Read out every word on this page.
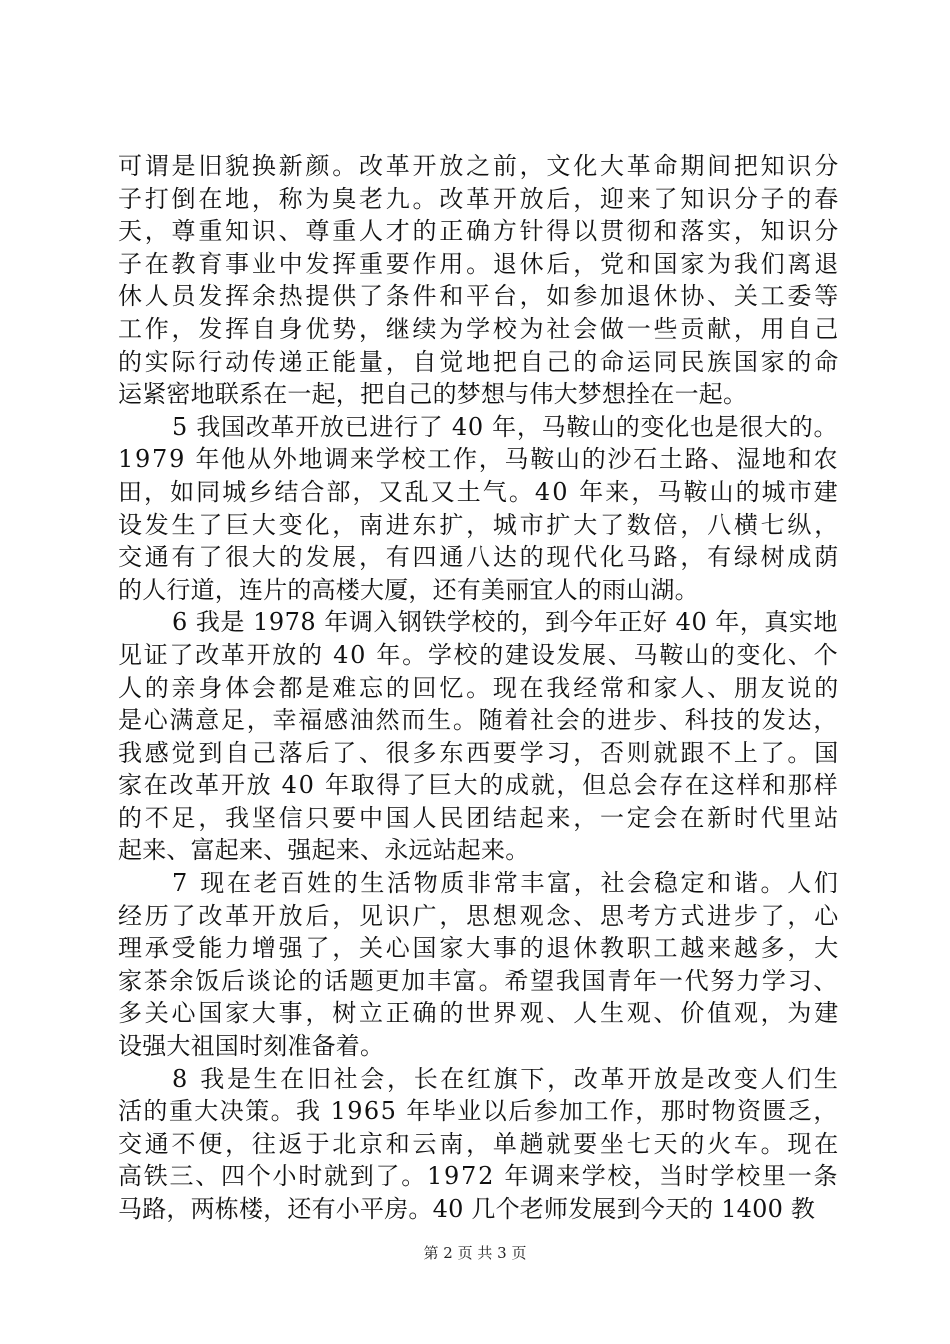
可谓是旧貌换新颜。改革开放之前，文化大革命期间把知识分
子打倒在地，称为臭老九。改革开放后，迎来了知识分子的春
天，尊重知识、尊重人才的正确方针得以贯彻和落实，知识分
子在教育事业中发挥重要作用。退休后，党和国家为我们离退
休人员发挥余热提供了条件和平台，如参加退休协、关工委等
工作，发挥自身优势，继续为学校为社会做一些贡献，用自己
的实际行动传递正能量，自觉地把自己的命运同民族国家的命
运紧密地联系在一起，把自己的梦想与伟大梦想拴在一起。
5 我国改革开放已进行了 40 年，马鞍山的变化也是很大的。
1979 年他从外地调来学校工作，马鞍山的沙石土路、湿地和农
田，如同城乡结合部，又乱又土气。40 年来，马鞍山的城市建
设发生了巨大变化，南进东扩，城市扩大了数倍，八横七纵，
交通有了很大的发展，有四通八达的现代化马路，有绿树成荫
的人行道，连片的高楼大厦，还有美丽宜人的雨山湖。
6 我是 1978 年调入钢铁学校的，到今年正好 40 年，真实地
见证了改革开放的 40 年。学校的建设发展、马鞍山的变化、个
人的亲身体会都是难忘的回忆。现在我经常和家人、朋友说的
是心满意足，幸福感油然而生。随着社会的进步、科技的发达，
我感觉到自己落后了、很多东西要学习，否则就跟不上了。国
家在改革开放 40 年取得了巨大的成就，但总会存在这样和那样
的不足，我坚信只要中国人民团结起来，一定会在新时代里站
起来、富起来、强起来、永远站起来。
7 现在老百姓的生活物质非常丰富，社会稳定和谐。人们
经历了改革开放后，见识广，思想观念、思考方式进步了，心
理承受能力增强了，关心国家大事的退休教职工越来越多，大
家茶余饭后谈论的话题更加丰富。希望我国青年一代努力学习、
多关心国家大事，树立正确的世界观、人生观、价值观，为建
设强大祖国时刻准备着。
8 我是生在旧社会，长在红旗下，改革开放是改变人们生
活的重大决策。我 1965 年毕业以后参加工作，那时物资匮乏，
交通不便，往返于北京和云南，单趟就要坐七天的火车。现在
高铁三、四个小时就到了。1972 年调来学校，当时学校里一条
马路，两栋楼，还有小平房。40 几个老师发展到今天的 1400 教
第 2 页 共 3 页
